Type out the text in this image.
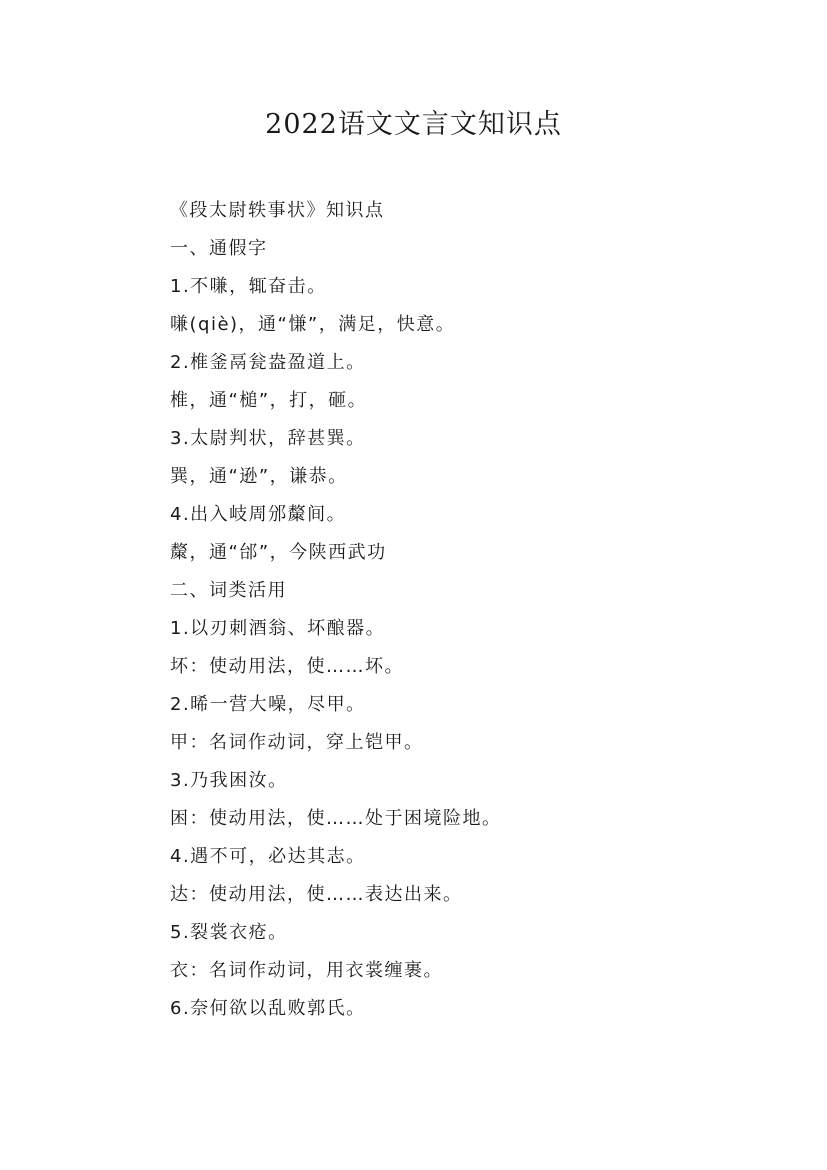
2022语文文言文知识点
《段太尉轶事状》知识点
一、通假字
1.不嗛，辄奋击。
嗛(qiè)，通“慊”，满足，快意。
2.椎釜鬲瓮盎盈道上。
椎，通“槌”，打，砸。
3.太尉判状，辞甚巽。
巽，通“逊”，谦恭。
4.出入岐周邠斄间。
斄，通“邰”，今陕西武功
二、词类活用
1.以刃刺酒翁、坏酿器。
坏：使动用法，使……坏。
2.晞一营大噪，尽甲。
甲：名词作动词，穿上铠甲。
3.乃我困汝。
困：使动用法，使……处于困境险地。
4.遇不可，必达其志。
达：使动用法，使……表达出来。
5.裂裳衣疮。
衣：名词作动词，用衣裳缠裹。
6.奈何欲以乱败郭氏。
